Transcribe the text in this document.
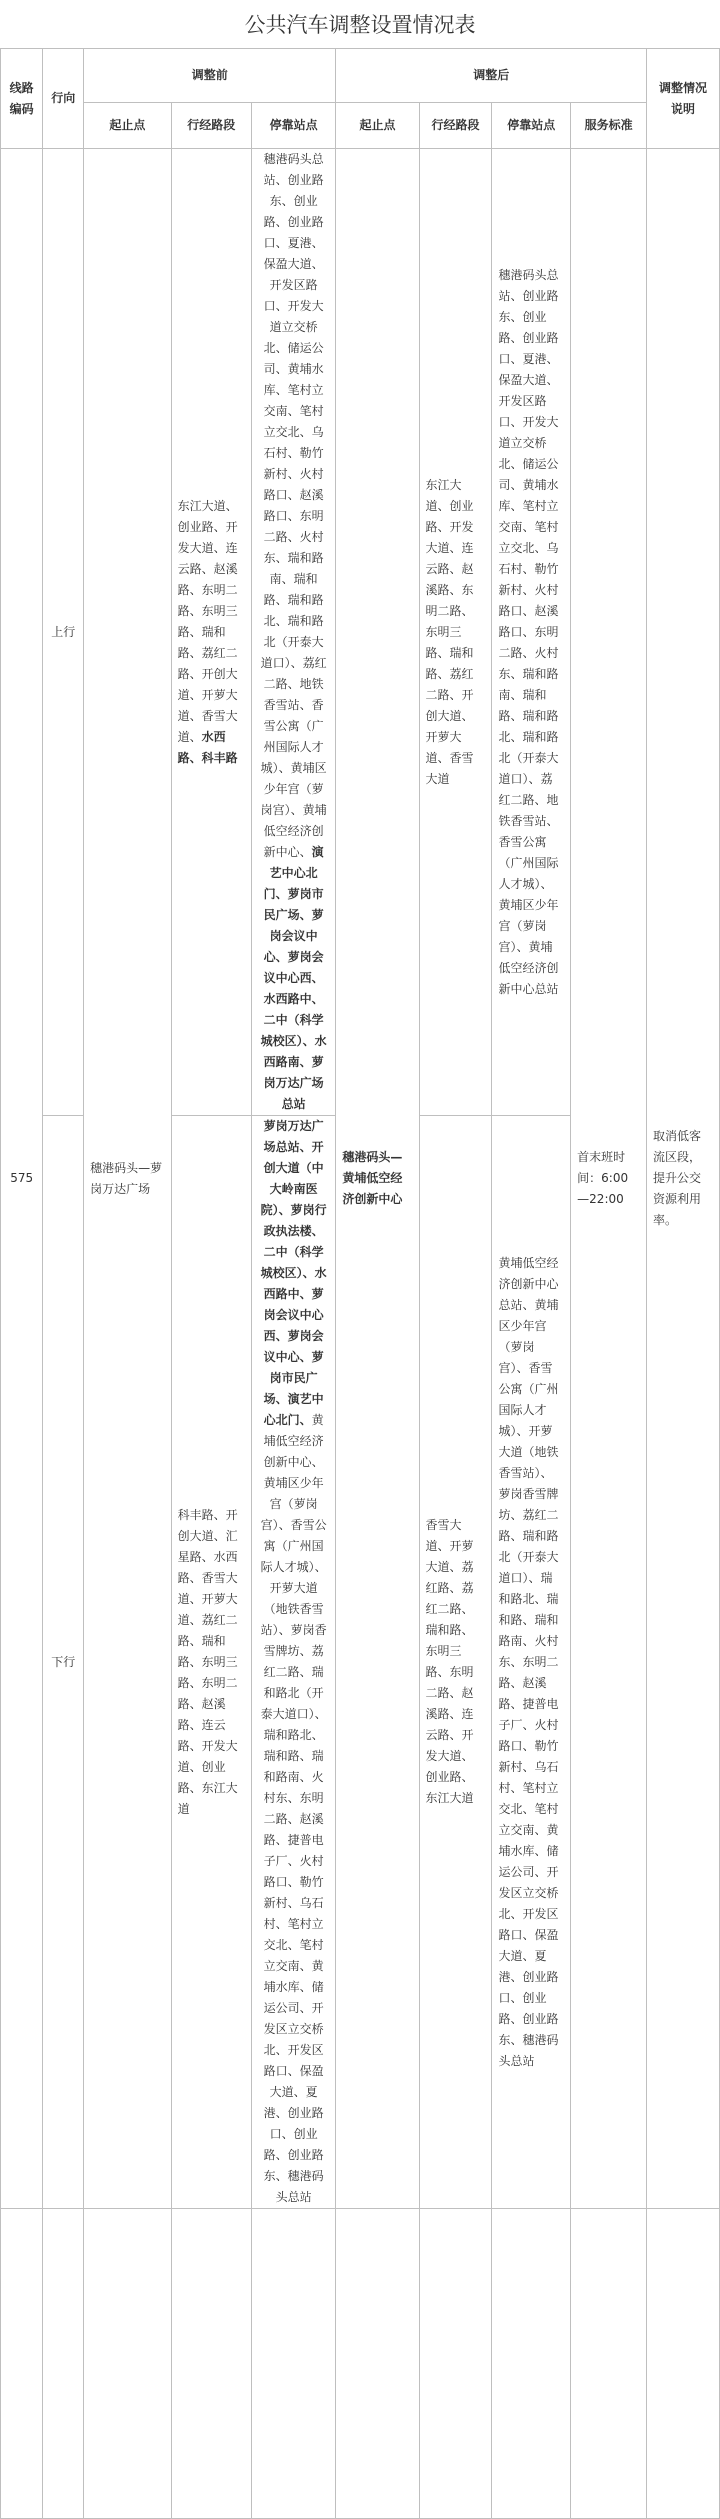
公共汽车调整设置情况表
线路编码	行向	调整前			调整后				调整情况说明
		起止点	行经路段	停靠站点	起止点	行经路段	停靠站点	服务标准	
575	上行	穗港码头—萝岗万达广场	东江大道、创业路、开发大道、连云路、赵溪路、东明二路、东明三路、瑞和路、荔红二路、开创大道、开萝大道、香雪大道、水西路、科丰路	穗港码头总站、创业路东、创业路、创业路口、夏港、保盈大道、开发区路口、开发大道立交桥北、储运公司、黄埔水库、笔村立交南、笔村立交北、乌石村、勒竹新村、火村路口、赵溪路口、东明二路、火村东、瑞和路南、瑞和路、瑞和路北、瑞和路北（开泰大道口）、荔红二路、地铁香雪站、香雪公寓（广州国际人才城）、黄埔区少年宫（萝岗宫）、黄埔低空经济创新中心、演艺中心北门、萝岗市民广场、萝岗会议中心、萝岗会议中心西、水西路中、二中（科学城校区）、水西路南、萝岗万达广场总站	穗港码头—黄埔低空经济创新中心	东江大道、创业路、开发大道、连云路、赵溪路、东明二路、东明三路、瑞和路、荔红二路、开创大道、开萝大道、香雪大道	穗港码头总站、创业路东、创业路、创业路口、夏港、保盈大道、开发区路口、开发大道立交桥北、储运公司、黄埔水库、笔村立交南、笔村立交北、乌石村、勒竹新村、火村路口、赵溪路口、东明二路、火村东、瑞和路南、瑞和路、瑞和路北、瑞和路北（开泰大道口）、荔红二路、地铁香雪站、香雪公寓（广州国际人才城）、黄埔区少年宫（萝岗宫）、黄埔低空经济创新中心总站	首末班时间：6:00—22:00	取消低客流区段，提升公交资源利用率。
	下行		科丰路、开创大道、汇星路、水西路、香雪大道、开萝大道、荔红二路、瑞和路、东明三路、东明二路、赵溪路、连云路、开发大道、创业路、东江大道	萝岗万达广场总站、开创大道（中大岭南医院）、萝岗行政执法楼、二中（科学城校区）、水西路中、萝岗会议中心西、萝岗会议中心、萝岗市民广场、演艺中心北门、黄埔低空经济创新中心、黄埔区少年宫（萝岗宫）、香雪公寓（广州国际人才城）、开萝大道（地铁香雪站）、萝岗香雪牌坊、荔红二路、瑞和路北（开泰大道口）、瑞和路北、瑞和路、瑞和路南、火村东、东明二路、赵溪路、捷普电子厂、火村路口、勒竹新村、乌石村、笔村立交北、笔村立交南、黄埔水库、储运公司、开发区立交桥北、开发区路口、保盈大道、夏港、创业路口、创业路、创业路东、穗港码头总站		香雪大道、开萝大道、荔红路、荔红二路、瑞和路、东明三路、东明二路、赵溪路、连云路、开发大道、创业路、东江大道	黄埔低空经济创新中心总站、黄埔区少年宫（萝岗宫）、香雪公寓（广州国际人才城）、开萝大道（地铁香雪站）、萝岗香雪牌坊、荔红二路、瑞和路北（开泰大道口）、瑞和路北、瑞和路、瑞和路南、火村东、东明二路、赵溪路、捷普电子厂、火村路口、勒竹新村、乌石村、笔村立交北、笔村立交南、黄埔水库、储运公司、开发区立交桥北、开发区路口、保盈大道、夏港、创业路口、创业路、创业路东、穗港码头总站		
